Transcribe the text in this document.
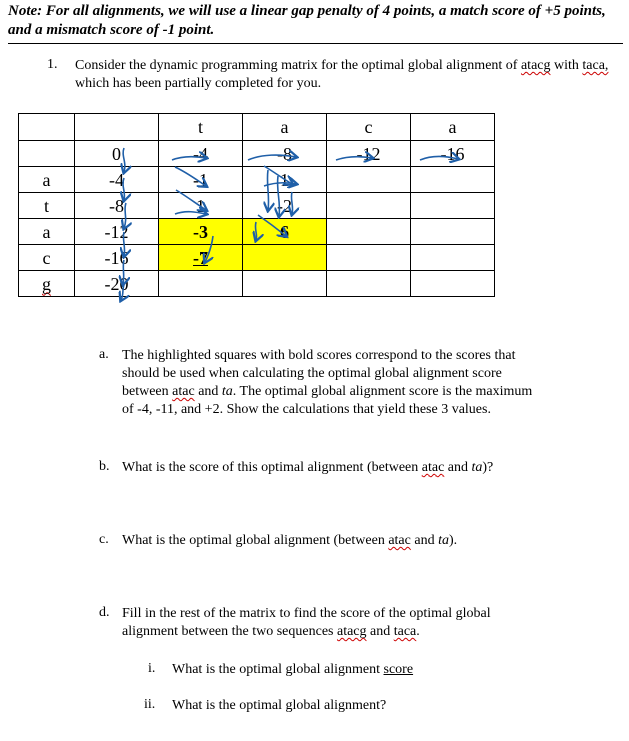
Note: For all alignments, we will use a linear gap penalty of 4 points, a match score of +5 points, and a mismatch score of -1 point.
1. Consider the dynamic programming matrix for the optimal global alignment of atacg with taca, which has been partially completed for you.
		t	a	c	a
	0	-4	-8	-12	-16
a	-4	-1	1		
t	-8	1	-2		
a	-12	-3	6		
c	-16	-7			
g	-20				
a. The highlighted squares with bold scores correspond to the scores that
should be used when calculating the optimal global alignment score
between atac and ta. The optimal global alignment score is the maximum
of -4, -11, and +2. Show the calculations that yield these 3 values.
b. What is the score of this optimal alignment (between atac and ta)?
c. What is the optimal global alignment (between atac and ta).
d. Fill in the rest of the matrix to find the score of the optimal global
alignment between the two sequences atacg and taca.
i. What is the optimal global alignment score
ii. What is the optimal global alignment?
